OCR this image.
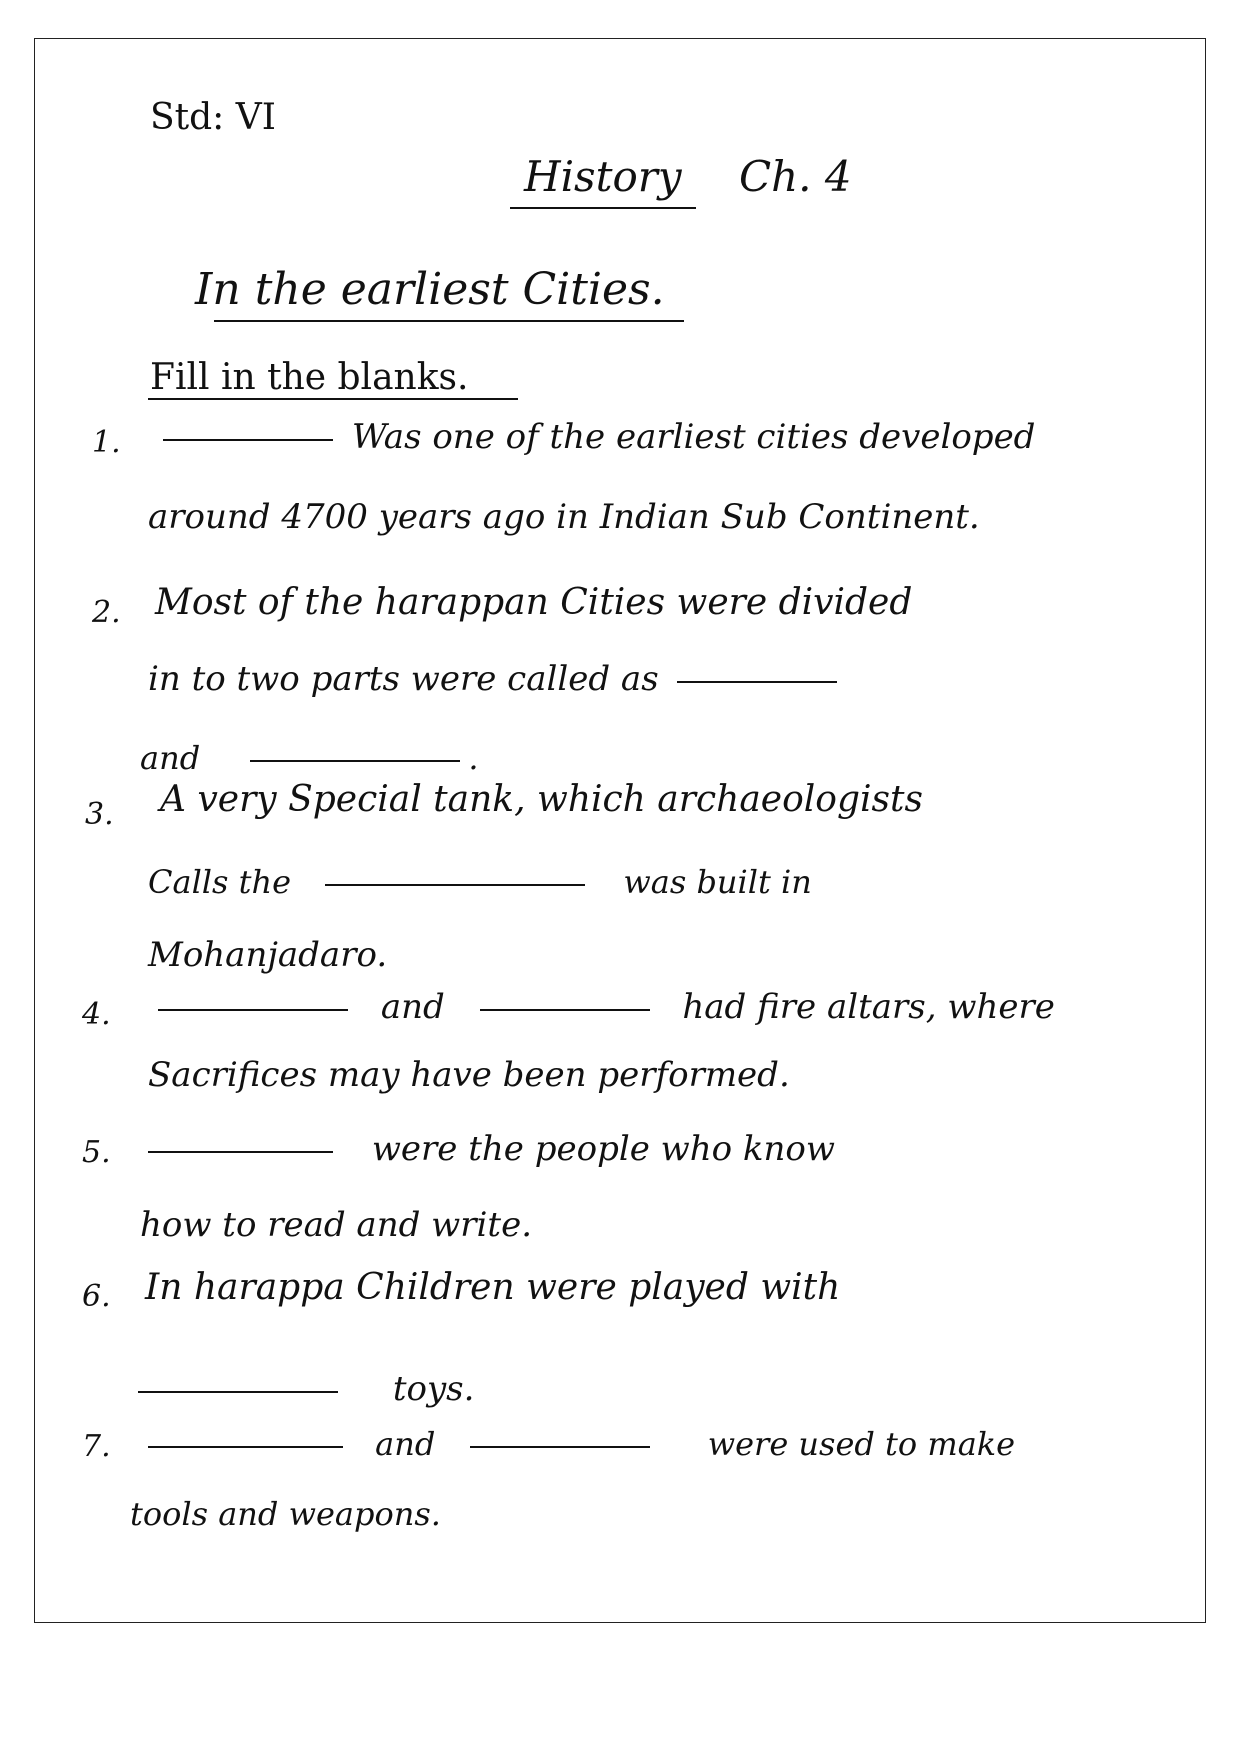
Std: VI
History Ch. 4
In the earliest Cities.
Fill in the blanks.
1.	Was one of the earliest cities developed
around 4700 years ago in Indian Sub Continent.
2. Most of the harappan Cities were divided
in to two parts were called as
and	.
3. A very Special tank, which archaeologists
Calls the	was built in
Mohanjadaro.
4.	and	had fire altars, where
Sacrifices may have been performed.
5.	were the people who know
how to read and write.
6. In harappa Children were played with
toys.
7.	and	were used to make
tools and weapons.
